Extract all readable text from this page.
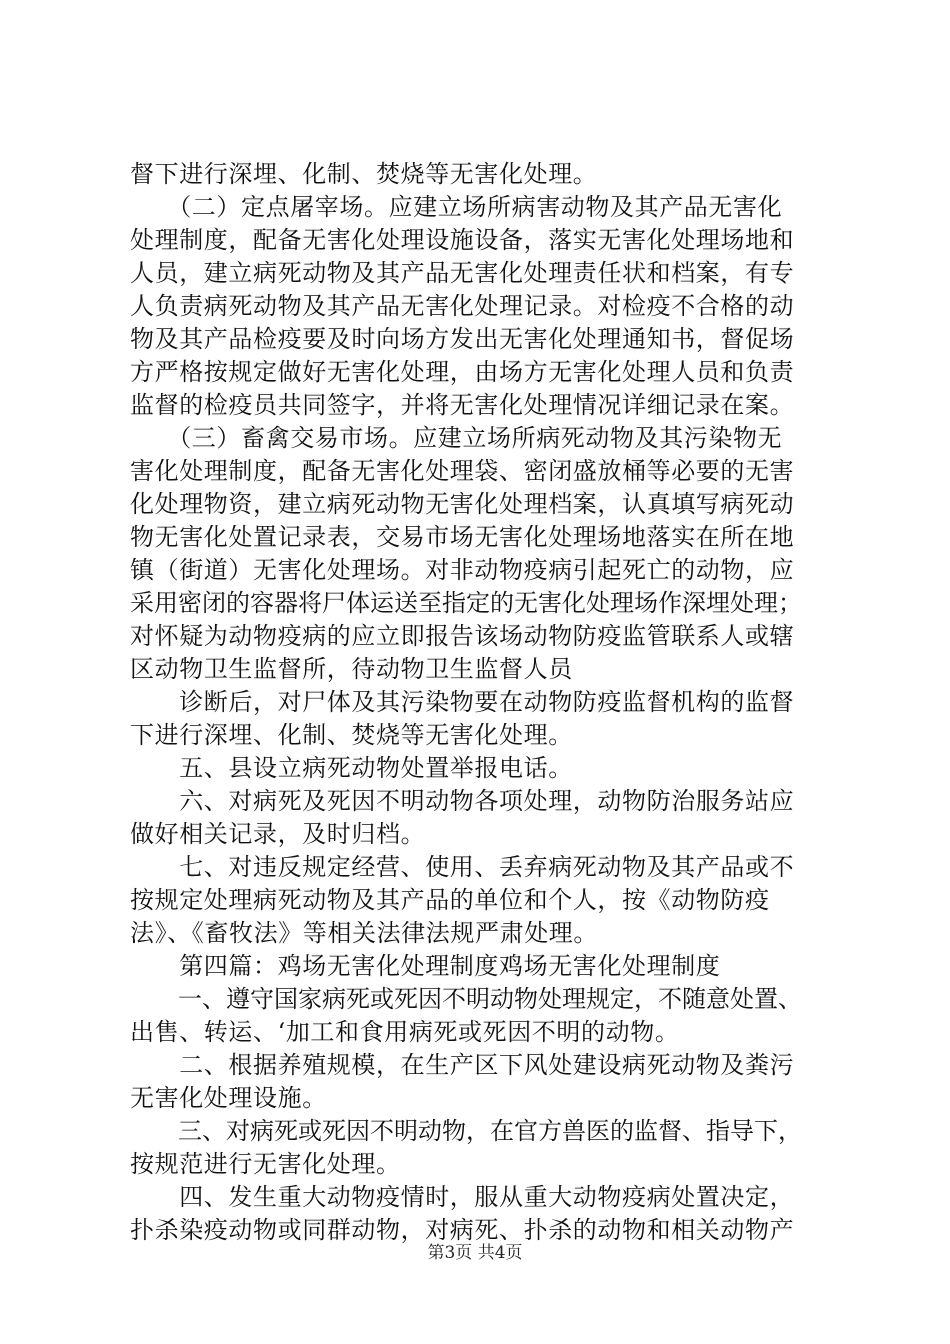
督下进行深埋、化制、焚烧等无害化处理。
　　（二）定点屠宰场。应建立场所病害动物及其产品无害化
处理制度，配备无害化处理设施设备，落实无害化处理场地和
人员，建立病死动物及其产品无害化处理责任状和档案，有专
人负责病死动物及其产品无害化处理记录。对检疫不合格的动
物及其产品检疫要及时向场方发出无害化处理通知书，督促场
方严格按规定做好无害化处理，由场方无害化处理人员和负责
监督的检疫员共同签字，并将无害化处理情况详细记录在案。
　　（三）畜禽交易市场。应建立场所病死动物及其污染物无
害化处理制度，配备无害化处理袋、密闭盛放桶等必要的无害
化处理物资，建立病死动物无害化处理档案，认真填写病死动
物无害化处置记录表，交易市场无害化处理场地落实在所在地
镇（街道）无害化处理场。对非动物疫病引起死亡的动物，应
采用密闭的容器将尸体运送至指定的无害化处理场作深埋处理；
对怀疑为动物疫病的应立即报告该场动物防疫监管联系人或辖
区动物卫生监督所，待动物卫生监督人员
　　诊断后，对尸体及其污染物要在动物防疫监督机构的监督
下进行深埋、化制、焚烧等无害化处理。
　　五、县设立病死动物处置举报电话。
　　六、对病死及死因不明动物各项处理，动物防治服务站应
做好相关记录，及时归档。
　　七、对违反规定经营、使用、丢弃病死动物及其产品或不
按规定处理病死动物及其产品的单位和个人，按《动物防疫
法》、《畜牧法》等相关法律法规严肃处理。
　　第四篇：鸡场无害化处理制度鸡场无害化处理制度
　　一、遵守国家病死或死因不明动物处理规定，不随意处置、
出售、转运、‘加工和食用病死或死因不明的动物。
　　二、根据养殖规模，在生产区下风处建设病死动物及粪污
无害化处理设施。
　　三、对病死或死因不明动物，在官方兽医的监督、指导下，
按规范进行无害化处理。
　　四、发生重大动物疫情时，服从重大动物疫病处置决定，
扑杀染疫动物或同群动物，对病死、扑杀的动物和相关动物产
第3页 共4页
